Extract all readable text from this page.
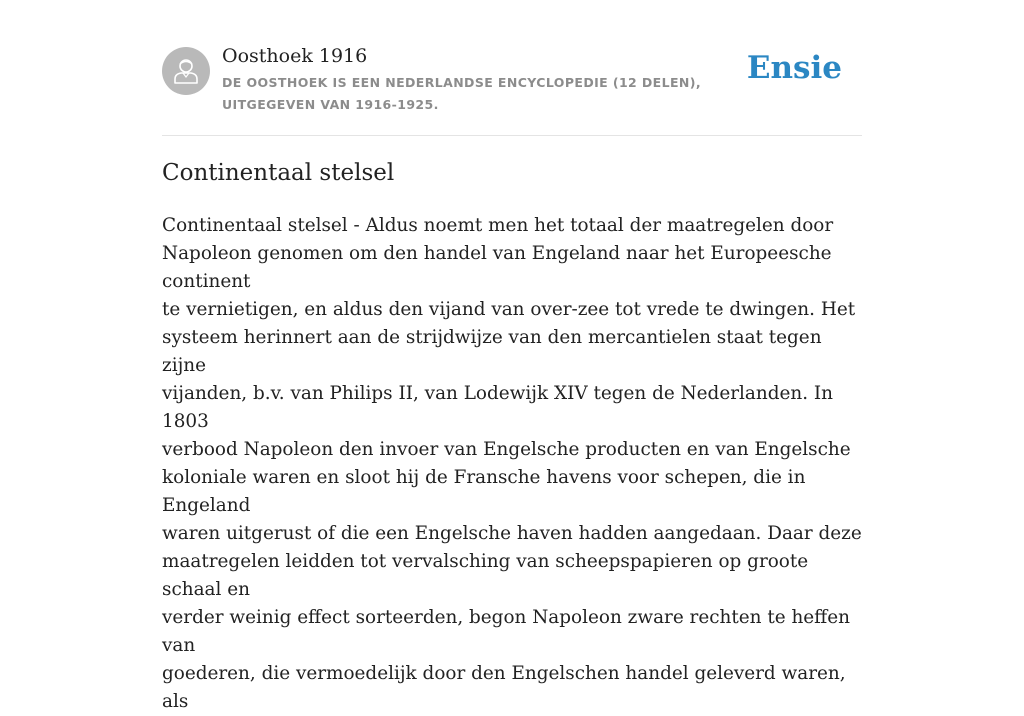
Oosthoek 1916
DE OOSTHOEK IS EEN NEDERLANDSE ENCYCLOPEDIE (12 DELEN), UITGEGEVEN VAN 1916-1925.
Ensie
Continentaal stelsel
Continentaal stelsel - Aldus noemt men het totaal der maatregelen door
Napoleon genomen om den handel van Engeland naar het Europeesche continent
te vernietigen, en aldus den vijand van over-zee tot vrede te dwingen. Het
systeem herinnert aan de strijdwijze van den mercantielen staat tegen zijne
vijanden, b.v. van Philips II, van Lodewijk XIV tegen de Nederlanden. In 1803
verbood Napoleon den invoer van Engelsche producten en van Engelsche
koloniale waren en sloot hij de Fransche havens voor schepen, die in Engeland
waren uitgerust of die een Engelsche haven hadden aangedaan. Daar deze
maatregelen leidden tot vervalsching van scheepspapieren op groote schaal en
verder weinig effect sorteerden, begon Napoleon zware rechten te heffen van
goederen, die vermoedelijk door den Engelschen handel geleverd waren, als
